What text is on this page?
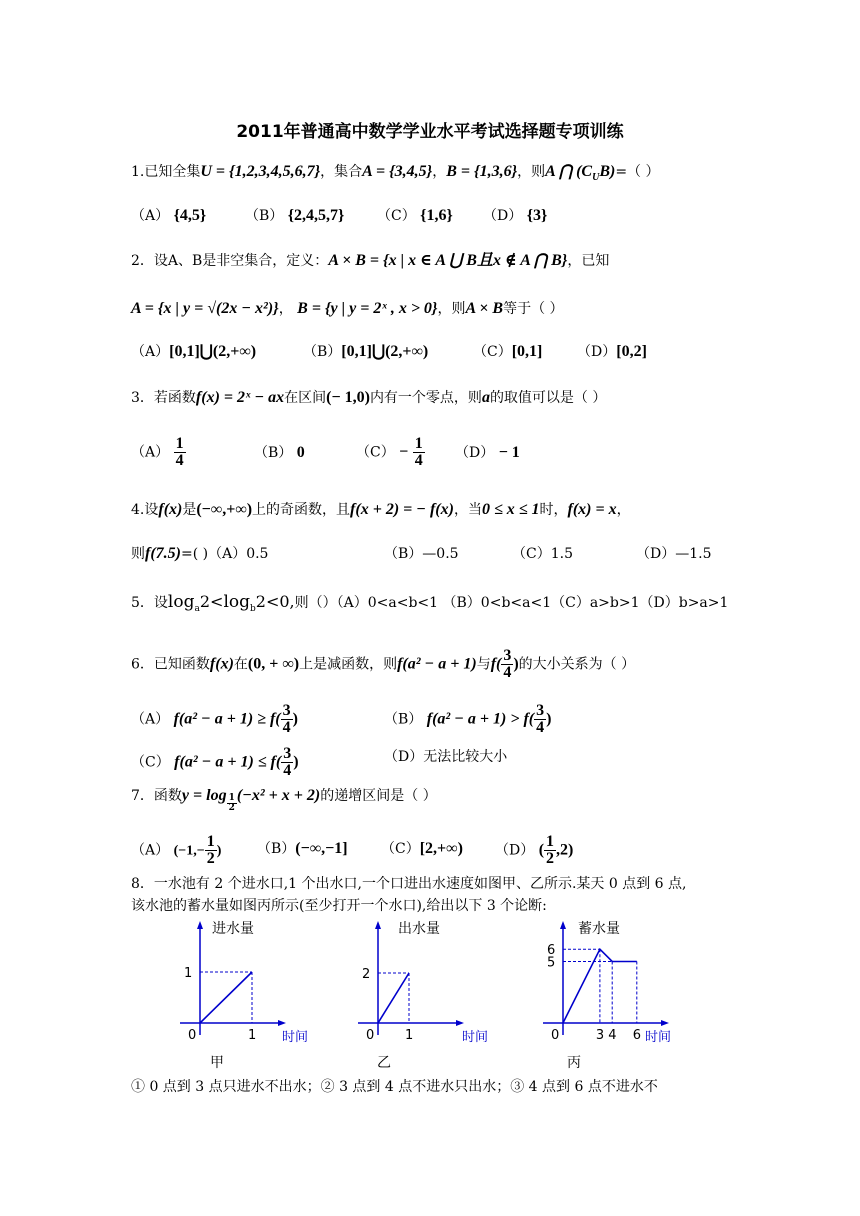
2011年普通高中数学学业水平考试选择题专项训练
1.已知全集U = {1,2,3,4,5,6,7}，集合A = {3,4,5}，B = {1,3,6}，则A ⋂ $(C_UB)=$（ ）
（A） {4,5}	（B） {2,4,5,7} （C） {1,6} （D） {3}
2．设A、B是非空集合，定义：A × B = {x | x ∈ A ⋃ B且x ∉ A ⋂ B}，已知
A = {x | y = √(2x − x²)}， B = {y | y = 2ˣ , x > 0}，则A × B等于（ ）
（A）[0,1]⋃(2,+∞)	（B）[0,1]⋃(2,+∞)	（C）[0,1] （D）[0,2]
3．若函数f(x) = 2ˣ − ax在区间(− 1,0)内有一个零点，则a的取值可以是（ ）
$(A) \frac{1}{4}$	（B） 0	$(C) - \frac{1}{4} (D) - 1$
4.设f(x)是(−∞,+∞)上的奇函数，且f(x + 2) = − f(x)，当0 ≤ x ≤ 1时，f(x) = x，
则f(7.5)=( )（A）0.5	（B）—0.5	（C）1.5	（D）—1.5
5．设$\log_a2<\log_b2<0$,则（）（A）0<a<b<1 （B）0<b<a<1（C）a>b>1（D）b>a>1
6．已知函数f(x)在(0, + ∞)上是减函数，则f(a² − a + 1)与$f( \frac{3}{4}$ )的大小关系为（ ）
（A） $f(a^2 - a + 1) \ge f( \frac{3}{4}$ )	（B） $f(a^2 - a + 1) > f( \frac{3}{4}$ )
（C） $f(a^2 - a + 1) \le f( \frac{3}{4}$ )	（D）无法比较大小
7．函数$y = \log \frac{1}{2} (-x^2 + x + 2)$的递增区间是（ ）
（A） ($-1,- \frac{1}{2}$ )	（B）(−∞,−1] （C）[2,+∞) （D） ( $\frac{1}{2} ,2$)
8．一水池有 2 个进水口,1 个出水口,一个口进出水速度如图甲、乙所示.某天 0 点到 6 点,
该水池的蓄水量如图丙所示(至少打开一个水口),给出以下 3 个论断:
进水量
时间
0	1
1
出水量
时间
0 1
2
蓄水量
时间
0	3 4 6
5
6
甲	乙	丙
① 0 点到 3 点只进水不出水；② 3 点到 4 点不进水只出水；③ 4 点到 6 点不进水不
